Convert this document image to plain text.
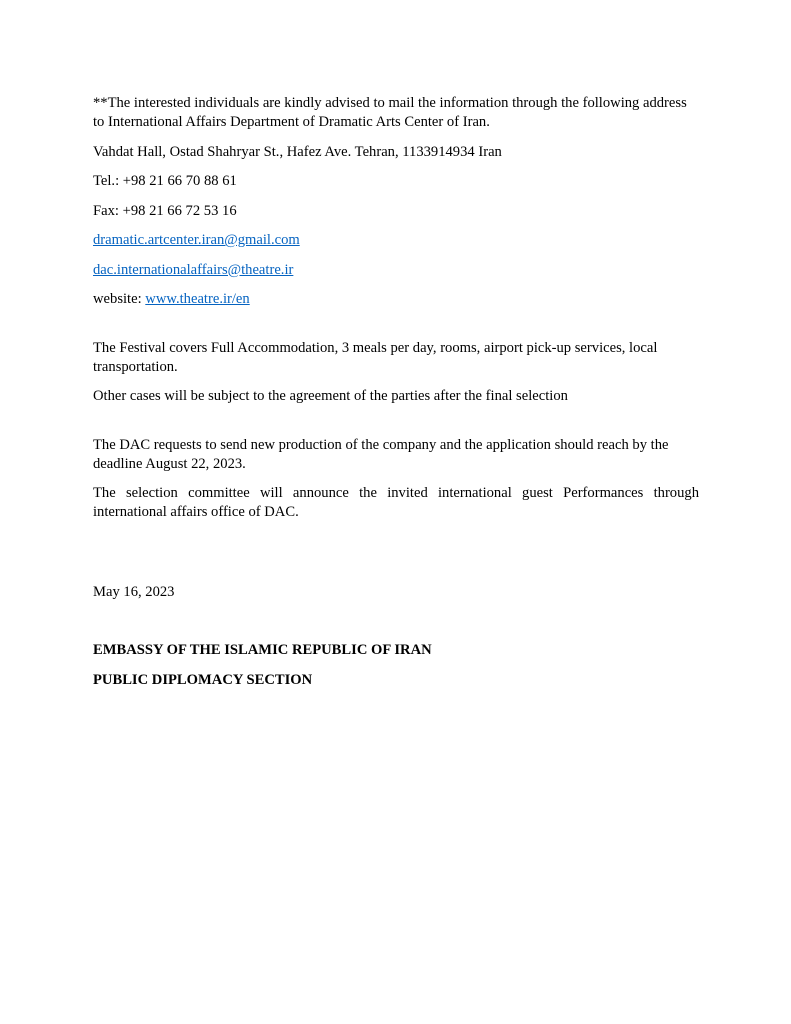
**The interested individuals are kindly advised to mail the information through the following address to International Affairs Department of Dramatic Arts Center of Iran.

Vahdat Hall, Ostad Shahryar St., Hafez Ave. Tehran, 1133914934 Iran

Tel.: +98 21 66 70 88 61

Fax: +98 21 66 72 53 16

dramatic.artcenter.iran@gmail.com

dac.internationalaffairs@theatre.ir

website: www.theatre.ir/en

The Festival covers Full Accommodation, 3 meals per day, rooms, airport pick-up services, local transportation.

Other cases will be subject to the agreement of the parties after the final selection

The DAC requests to send new production of the company and the application should reach by the deadline August 22, 2023.

The selection committee will announce the invited international guest Performances through international affairs office of DAC.

May 16, 2023

EMBASSY OF THE ISLAMIC REPUBLIC OF IRAN

PUBLIC DIPLOMACY SECTION
